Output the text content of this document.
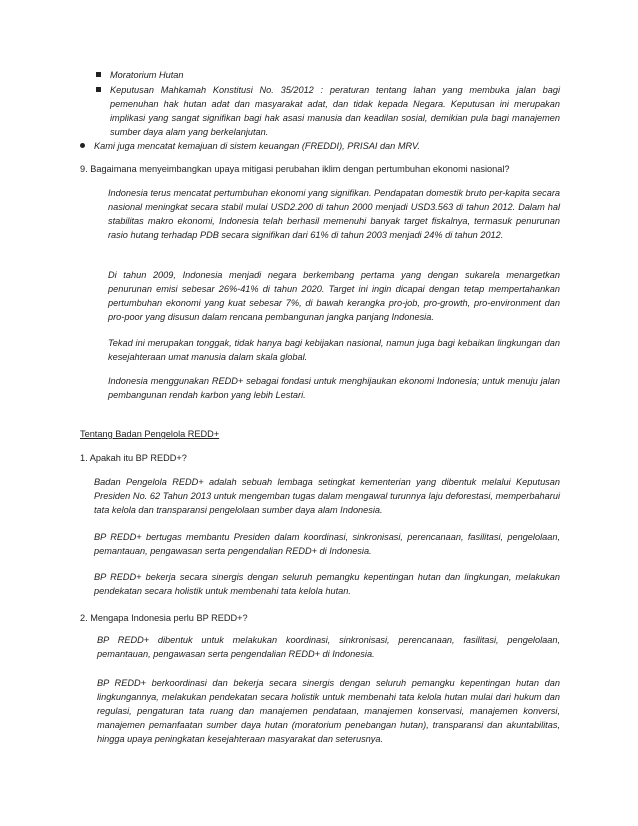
Moratorium Hutan

Keputusan Mahkamah Konstitusi No. 35/2012 : peraturan tentang lahan yang membuka jalan bagi pemenuhan hak hutan adat dan masyarakat adat, dan tidak kepada Negara. Keputusan ini merupakan implikasi yang sangat signifikan bagi hak asasi manusia dan keadilan sosial, demikian pula bagi manajemen sumber daya alam yang berkelanjutan.

Kami juga mencatat kemajuan di sistem keuangan (FREDDI), PRISAI dan MRV.

9. Bagaimana menyeimbangkan upaya mitigasi perubahan iklim dengan pertumbuhan ekonomi nasional?

Indonesia terus mencatat pertumbuhan ekonomi yang signifikan. Pendapatan domestik bruto per-kapita secara nasional meningkat secara stabil mulai USD2.200 di tahun 2000 menjadi USD3.563 di tahun 2012. Dalam hal stabilitas makro ekonomi, Indonesia telah berhasil memenuhi banyak target fiskalnya, termasuk penurunan rasio hutang terhadap PDB secara signifikan dari 61% di tahun 2003 menjadi 24% di tahun 2012.

Di tahun 2009, Indonesia menjadi negara berkembang pertama yang dengan sukarela menargetkan penurunan emisi sebesar 26%-41% di tahun 2020. Target ini ingin dicapai dengan tetap mempertahankan pertumbuhan ekonomi yang kuat sebesar 7%, di bawah kerangka pro-job, pro-growth, pro-environment dan pro-poor yang disusun dalam rencana pembangunan jangka panjang Indonesia.

Tekad ini merupakan tonggak, tidak hanya bagi kebijakan nasional, namun juga bagi kebaikan lingkungan dan kesejahteraan umat manusia dalam skala global.

Indonesia menggunakan REDD+ sebagai fondasi untuk menghijaukan ekonomi Indonesia; untuk menuju jalan pembangunan rendah karbon yang lebih Lestari.

Tentang Badan Pengelola REDD+

1. Apakah itu BP REDD+?

Badan Pengelola REDD+ adalah sebuah lembaga setingkat kementerian yang dibentuk melalui Keputusan Presiden No. 62 Tahun 2013 untuk mengemban tugas dalam mengawal turunnya laju deforestasi, memperbaharui tata kelola dan transparansi pengelolaan sumber daya alam Indonesia.

BP REDD+ bertugas membantu Presiden dalam koordinasi, sinkronisasi, perencanaan, fasilitasi, pengelolaan, pemantauan, pengawasan serta pengendalian REDD+ di Indonesia.

BP REDD+ bekerja secara sinergis dengan seluruh pemangku kepentingan hutan dan lingkungan, melakukan pendekatan secara holistik untuk membenahi tata kelola hutan.

2. Mengapa Indonesia perlu BP REDD+?

BP REDD+ dibentuk untuk melakukan koordinasi, sinkronisasi, perencanaan, fasilitasi, pengelolaan, pemantauan, pengawasan serta pengendalian REDD+ di Indonesia.

BP REDD+ berkoordinasi dan bekerja secara sinergis dengan seluruh pemangku kepentingan hutan dan lingkungannya, melakukan pendekatan secara holistik untuk membenahi tata kelola hutan mulai dari hukum dan regulasi, pengaturan tata ruang dan manajemen pendataan, manajemen konservasi, manajemen konversi, manajemen pemanfaatan sumber daya hutan (moratorium penebangan hutan), transparansi dan akuntabilitas, hingga upaya peningkatan kesejahteraan masyarakat dan seterusnya.
